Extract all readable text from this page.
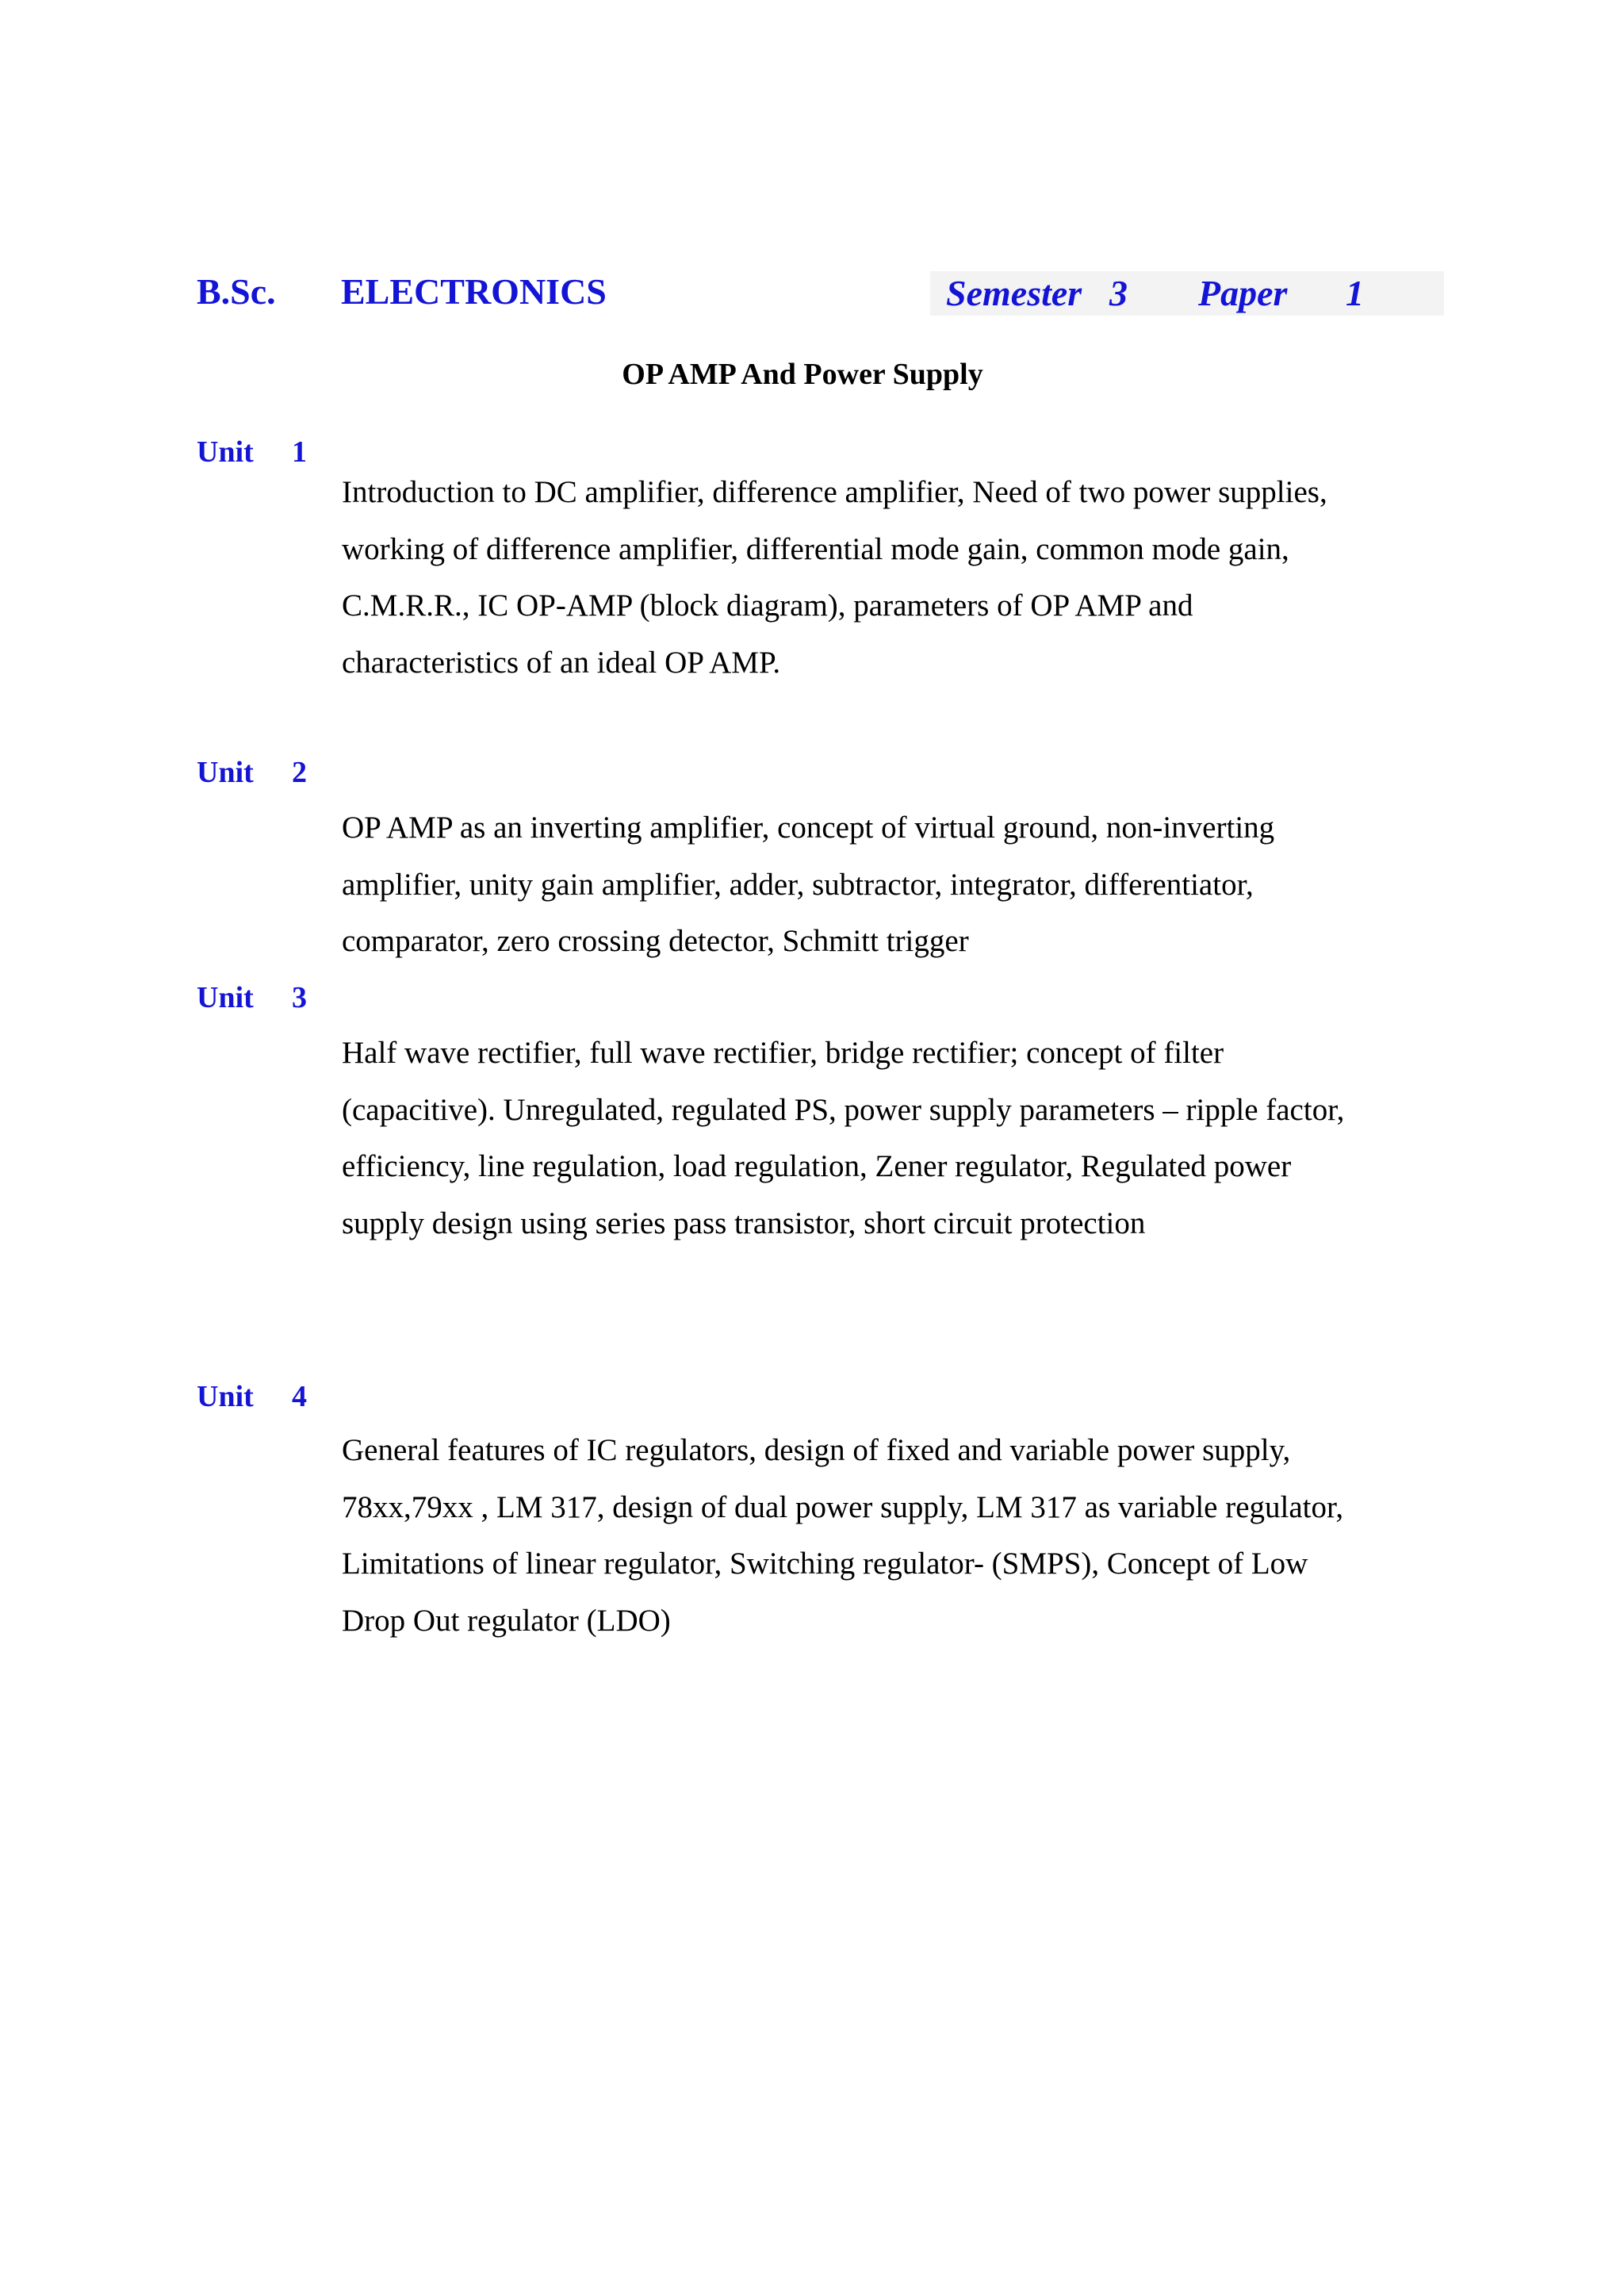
B.Sc. ELECTRONICS	Semester 3 Paper 1
OP AMP And Power Supply
Unit 1
Introduction to DC amplifier, difference amplifier, Need of two power supplies,
working of difference amplifier, differential mode gain, common mode gain,
C.M.R.R., IC OP-AMP (block diagram), parameters of OP AMP and
characteristics of an ideal OP AMP.
Unit 2
OP AMP as an inverting amplifier, concept of virtual ground, non-inverting
amplifier, unity gain amplifier, adder, subtractor, integrator, differentiator,
comparator, zero crossing detector, Schmitt trigger
Unit 3
Half wave rectifier, full wave rectifier, bridge rectifier; concept of filter
(capacitive). Unregulated, regulated PS, power supply parameters – ripple factor,
efficiency, line regulation, load regulation, Zener regulator, Regulated power
supply design using series pass transistor, short circuit protection
Unit 4
General features of IC regulators, design of fixed and variable power supply,
78xx,79xx , LM 317, design of dual power supply, LM 317 as variable regulator,
Limitations of linear regulator, Switching regulator- (SMPS), Concept of Low
Drop Out regulator (LDO)
